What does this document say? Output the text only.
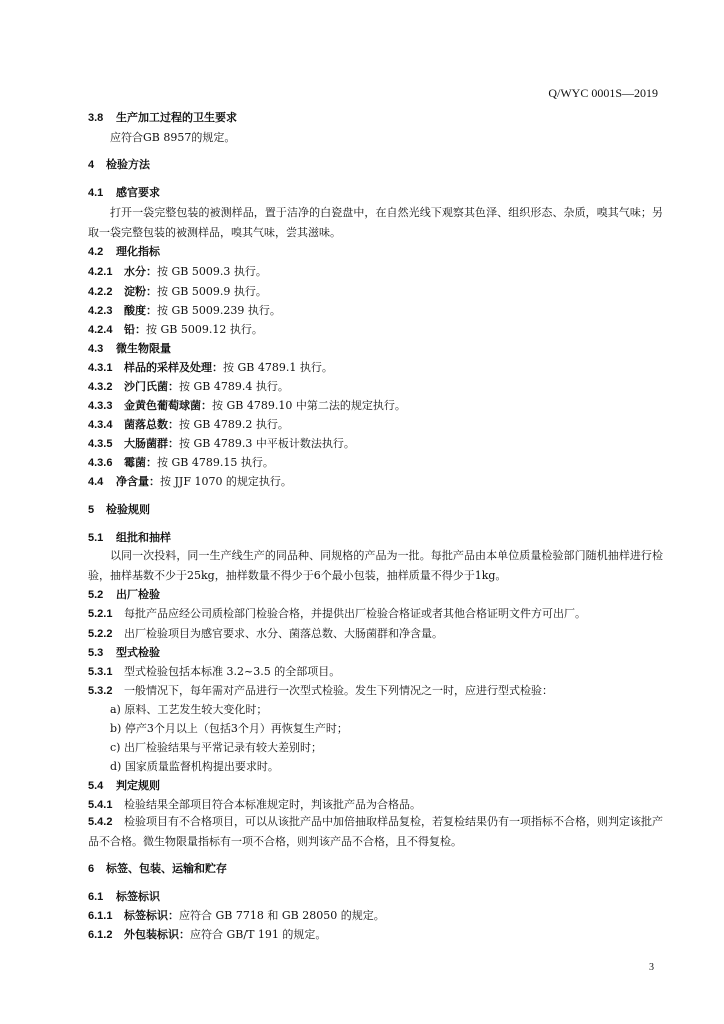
Q/WYC 0001S—2019
3.8 生产加工过程的卫生要求
应符合GB 8957的规定。
4 检验方法
4.1 感官要求

打开一袋完整包装的被测样品，置于洁净的白瓷盘中，在自然光线下观察其色泽、组织形态、杂质，嗅其气味；另取一袋完整包装的被测样品，嗅其气味，尝其滋味。

4.2 理化指标
4.2.1 水分：按 GB 5009.3 执行。
4.2.2 淀粉：按 GB 5009.9 执行。
4.2.3 酸度：按 GB 5009.239 执行。
4.2.4 铅：按 GB 5009.12 执行。
4.3 微生物限量
4.3.1 样品的采样及处理：按 GB 4789.1 执行。
4.3.2 沙门氏菌：按 GB 4789.4 执行。
4.3.3 金黄色葡萄球菌：按 GB 4789.10 中第二法的规定执行。
4.3.4 菌落总数：按 GB 4789.2 执行。
4.3.5 大肠菌群：按 GB 4789.3 中平板计数法执行。
4.3.6 霉菌：按 GB 4789.15 执行。
4.4 净含量：按 JJF 1070 的规定执行。
5 检验规则
5.1 组批和抽样

以同一次投料，同一生产线生产的同品种、同规格的产品为一批。每批产品由本单位质量检验部门随机抽样进行检验，抽样基数不少于25kg，抽样数量不得少于6个最小包装，抽样质量不得少于1kg。

5.2 出厂检验
5.2.1 每批产品应经公司质检部门检验合格，并提供出厂检验合格证或者其他合格证明文件方可出厂。
5.2.2 出厂检验项目为感官要求、水分、菌落总数、大肠菌群和净含量。
5.3 型式检验
5.3.1 型式检验包括本标准 3.2~3.5 的全部项目。
5.3.2 一般情况下，每年需对产品进行一次型式检验。发生下列情况之一时，应进行型式检验：
a) 原料、工艺发生较大变化时；
b) 停产3个月以上（包括3个月）再恢复生产时；
c) 出厂检验结果与平常记录有较大差别时；
d) 国家质量监督机构提出要求时。
5.4 判定规则
5.4.1 检验结果全部项目符合本标准规定时，判该批产品为合格品。

5.4.2 检验项目有不合格项目，可以从该批产品中加倍抽取样品复检，若复检结果仍有一项指标不合格，则判定该批产品不合格。微生物限量指标有一项不合格，则判该产品不合格，且不得复检。

6 标签、包装、运输和贮存
6.1 标签标识
6.1.1 标签标识：应符合 GB 7718 和 GB 28050 的规定。
6.1.2 外包装标识：应符合 GB/T 191 的规定。
3
